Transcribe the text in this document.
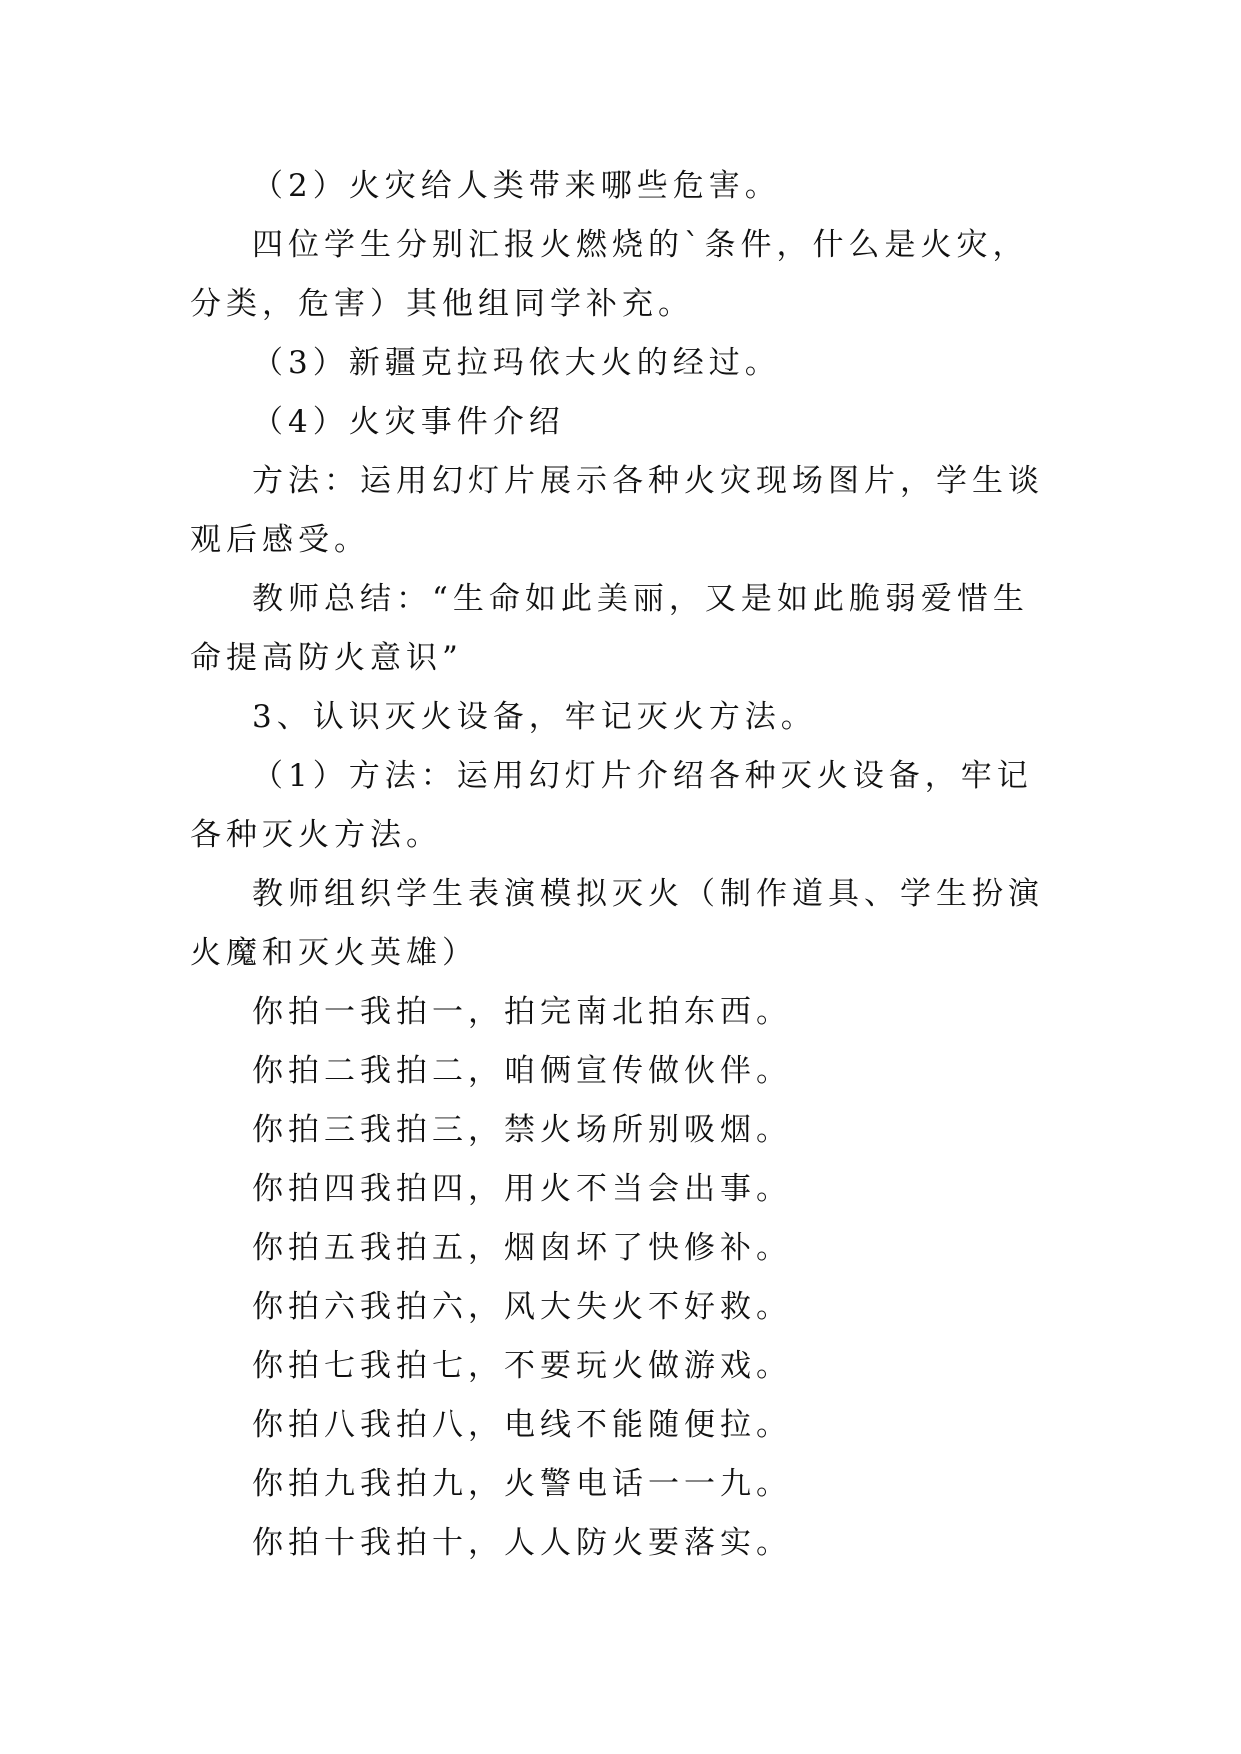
（2）火灾给人类带来哪些危害。

四位学生分别汇报火燃烧的`条件，什么是火灾，分类，危害）其他组同学补充。

（3）新疆克拉玛依大火的经过。

（4）火灾事件介绍

方法：运用幻灯片展示各种火灾现场图片，学生谈观后感受。

教师总结：“生命如此美丽，又是如此脆弱爱惜生命提高防火意识”

3、认识灭火设备，牢记灭火方法。

（1）方法：运用幻灯片介绍各种灭火设备，牢记各种灭火方法。

教师组织学生表演模拟灭火（制作道具、学生扮演火魔和灭火英雄）

你拍一我拍一，拍完南北拍东西。

你拍二我拍二，咱俩宣传做伙伴。

你拍三我拍三，禁火场所别吸烟。

你拍四我拍四，用火不当会出事。

你拍五我拍五，烟囱坏了快修补。

你拍六我拍六，风大失火不好救。

你拍七我拍七，不要玩火做游戏。

你拍八我拍八，电线不能随便拉。

你拍九我拍九，火警电话一一九。

你拍十我拍十，人人防火要落实。
